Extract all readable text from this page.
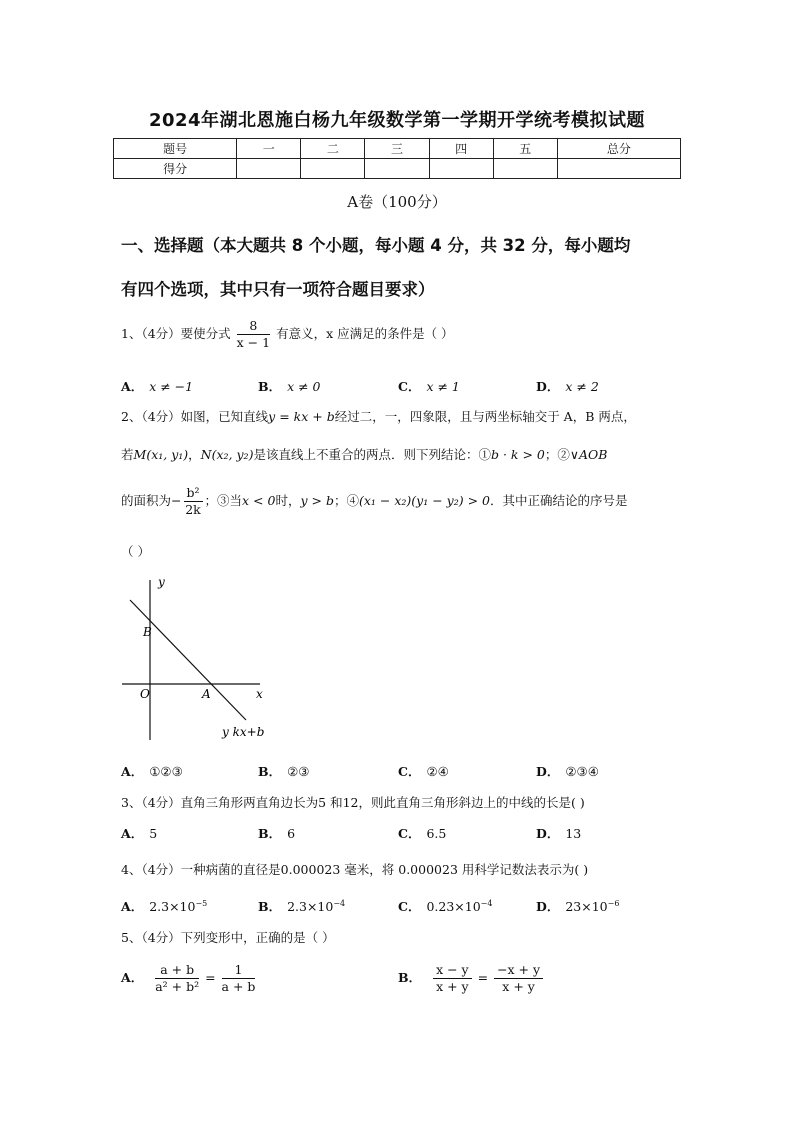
2024年湖北恩施白杨九年级数学第一学期开学统考模拟试题
题号	一	二	三	四	五	总分
得分						
A卷（100分）
一、选择题（本大题共 8 个小题，每小题 4 分，共 32 分，每小题均
有四个选项，其中只有一项符合题目要求）
1、（4分）要使分式 $\frac{8}{x - 1}$ 有意义，x 应满足的条件是（ ）
A． x ≠ −1	B． x ≠ 0	C． x ≠ 1	D． x ≠ 2
2、（4分）如图，已知直线y = kx + b经过二，一，四象限，且与两坐标轴交于 A，B 两点，
若M(x₁, y₁)，N(x₂, y₂)是该直线上不重合的两点．则下列结论：①b · k > 0；②∨AOB
的面积为− $\frac{\text{b²}}{2k}$ ；③当x < 0时，y > b；④(x₁ − x₂)(y₁ − y₂) > 0．其中正确结论的序号是
（ ）
y
x
O	A
B
y kx+b
A． ①②③	B． ②③	C． ②④	D． ②③④
3、（4分）直角三角形两直角边长为5 和12，则此直角三角形斜边上的中线的长是( )
A． 5	B． 6	C． 6.5	D． 13
4、（4分）一种病菌的直径是0.000023 毫米，将 0.000023 用科学记数法表示为( )
A． $2.3\times 10^{-5}$	B． $2.3\times 10^{-4}$	C． $0.23\times 10^{-4}$	D． $23\times 10^{-6}$
5、（4分）下列变形中，正确的是（ ）
A． $\frac{a + b}{\text{a² + b²}} = \frac{1}{a + b}$	B． $\frac{x - y}{x + y} = \frac{-x + y}{x + y}$
